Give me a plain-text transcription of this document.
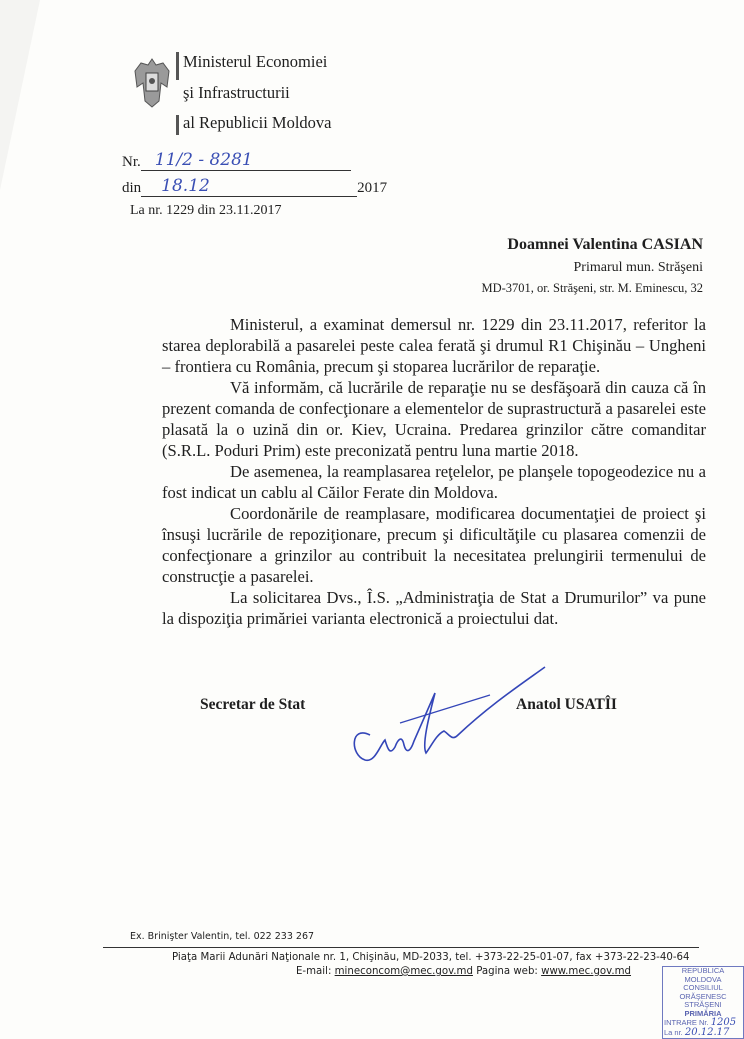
Ministerul Economiei
şi Infrastructurii
al Republicii Moldova
Nr. 11/2 - 8281
din 18.12	2017
La nr. 1229 din 23.11.2017
Doamnei Valentina CASIAN
Primarul mun. Străşeni
MD-3701, or. Străşeni, str. M. Eminescu, 32

Ministerul, a examinat demersul nr. 1229 din 23.11.2017, referitor la starea deplorabilă a pasarelei peste calea ferată şi drumul R1 Chişinău – Ungheni – frontiera cu România, precum şi stoparea lucrărilor de reparaţie.

Vă informăm, că lucrările de reparaţie nu se desfăşoară din cauza că în prezent comanda de confecţionare a elementelor de suprastructură a pasarelei este plasată la o uzină din or. Kiev, Ucraina. Predarea grinzilor către comanditar (S.R.L. Poduri Prim) este preconizată pentru luna martie 2018.

De asemenea, la reamplasarea reţelelor, pe planşele topogeodezice nu a fost indicat un cablu al Căilor Ferate din Moldova.

Coordonările de reamplasare, modificarea documentaţiei de proiect şi însuşi lucrările de repoziţionare, precum şi dificultăţile cu plasarea comenzii de confecţionare a grinzilor au contribuit la necesitatea prelungirii termenului de construcţie a pasarelei.

La solicitarea Dvs., Î.S. „Administraţia de Stat a Drumurilor” va pune la dispoziţia primăriei varianta electronică a proiectului dat.

Secretar de Stat	Anatol USATÎI
Ex. Brinişter Valentin, tel. 022 233 267
Piaţa Marii Adunări Naţionale nr. 1, Chişinău, MD-2033, tel. +373-22-25-01-07, fax +373-22-23-40-64
E-mail: mineconcom@mec.gov.md Pagina web: www.mec.gov.md	REPUBLICA MOLDOVA
CONSILIUL ORĂŞENESC STRĂŞENI
PRIMĂRIA
INTRARE Nr. 1205
La nr. 20.12.17
